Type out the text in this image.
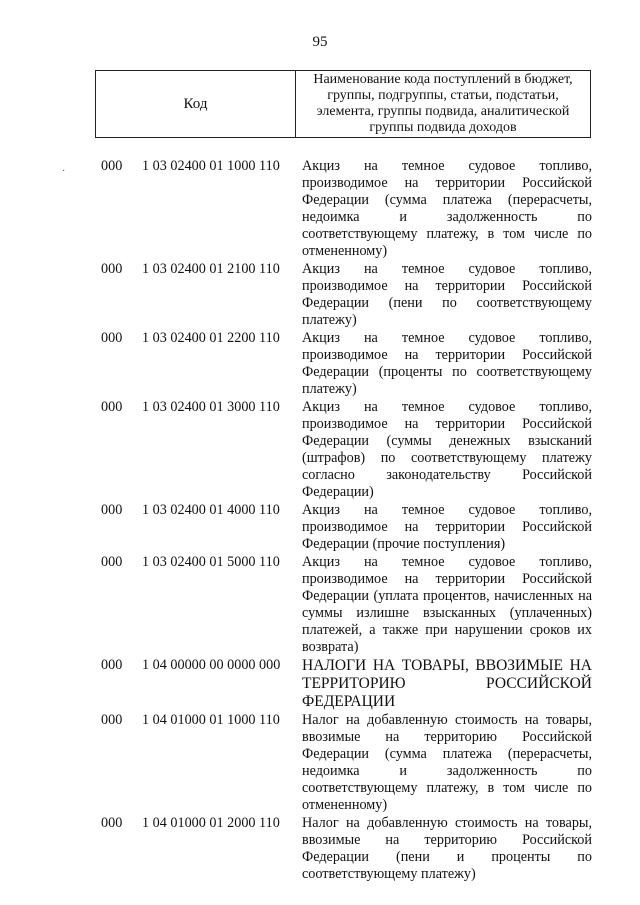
95
Код
Наименование кода поступлений в бюджет, группы, подгруппы, статьи, подстатьи, элемента, группы подвида, аналитической группы подвида доходов
·	000	1 03 02400 01 1000 110	Акциз на темное судовое топливо, производимое на территории Российской Федерации (сумма платежа (перерасчеты, недоимка и задолженность по соответствующему платежу, в том числе по отмененному)
000	1 03 02400 01 2100 110	Акциз на темное судовое топливо, производимое на территории Российской Федерации (пени по соответствующему платежу)
000	1 03 02400 01 2200 110	Акциз на темное судовое топливо, производимое на территории Российской Федерации (проценты по соответствующему платежу)
000	1 03 02400 01 3000 110	Акциз на темное судовое топливо, производимое на территории Российской Федерации (суммы денежных взысканий (штрафов) по соответствующему платежу согласно законодательству Российской Федерации)
000	1 03 02400 01 4000 110	Акциз на темное судовое топливо, производимое на территории Российской Федерации (прочие поступления)
000	1 03 02400 01 5000 110	Акциз на темное судовое топливо, производимое на территории Российской Федерации (уплата процентов, начисленных на суммы излишне взысканных (уплаченных) платежей, а также при нарушении сроков их возврата)
000	1 04 00000 00 0000 000	НАЛОГИ НА ТОВАРЫ, ВВОЗИМЫЕ НА ТЕРРИТОРИЮ РОССИЙСКОЙ ФЕДЕРАЦИИ
000	1 04 01000 01 1000 110	Налог на добавленную стоимость на товары, ввозимые на территорию Российской Федерации (сумма платежа (перерасчеты, недоимка и задолженность по соответствующему платежу, в том числе по отмененному)
000	1 04 01000 01 2000 110	Налог на добавленную стоимость на товары, ввозимые на территорию Российской Федерации (пени и проценты по соответствующему платежу)
